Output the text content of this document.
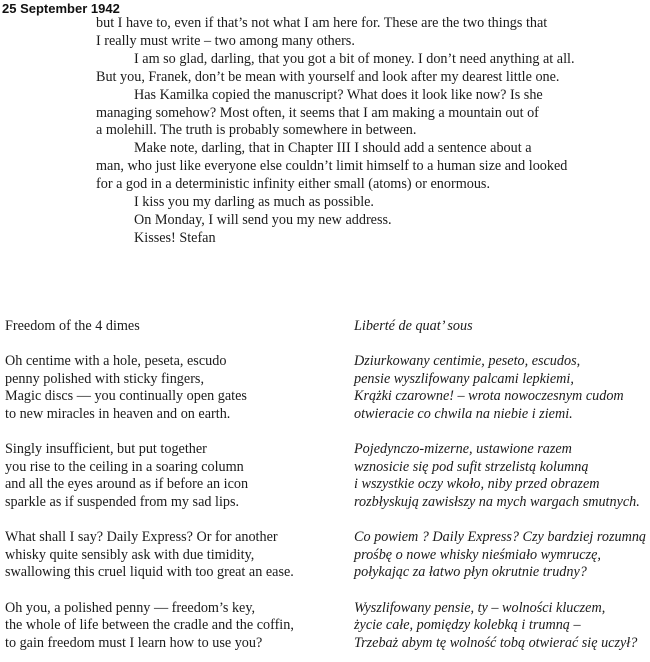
25 September 1942

but I have to, even if that’s not what I am here for. These are the two things that

I really must write – two among many others.

I am so glad, darling, that you got a bit of money. I don’t need anything at all.

But you, Franek, don’t be mean with yourself and look after my dearest little one.

Has Kamilka copied the manuscript? What does it look like now? Is she

managing somehow? Most often, it seems that I am making a mountain out of

a molehill. The truth is probably somewhere in between.

Make note, darling, that in Chapter III I should add a sentence about a

man, who just like everyone else couldn’t limit himself to a human size and looked

for a god in a deterministic infinity either small (atoms) or enormous.

I kiss you my darling as much as possible.

On Monday, I will send you my new address.

Kisses! Stefan

Freedom of the 4 dimes
Oh centime with a hole, peseta, escudo
penny polished with sticky fingers,
Magic discs — you continually open gates
to new miracles in heaven and on earth.
Singly insufficient, but put together
you rise to the ceiling in a soaring column
and all the eyes around as if before an icon
sparkle as if suspended from my sad lips.
What shall I say? Daily Express? Or for another
whisky quite sensibly ask with due timidity,
swallowing this cruel liquid with too great an ease.
Oh you, a polished penny — freedom’s key,
the whole of life between the cradle and the coffin,
to gain freedom must I learn how to use you?
Liberté de quat’ sous
Dziurkowany centimie, peseto, escudos,
pensie wyszlifowany palcami lepkiemi,
Krążki czarowne! – wrota nowoczesnym cudom
otwieracie co chwila na niebie i ziemi.
Pojedynczo-mizerne, ustawione razem
wznosicie się pod sufit strzelistą kolumną
i wszystkie oczy wkoło, niby przed obrazem
rozbłyskują zawisłszy na mych wargach smutnych.
Co powiem ? Daily Express? Czy bardziej rozumną
prośbę o nowe whisky nieśmiało wymruczę,
połykając za łatwo płyn okrutnie trudny?
Wyszlifowany pensie, ty – wolności kluczem,
życie całe, pomiędzy kolebką i trumną –
Trzebaż abym tę wolność tobą otwierać się uczył?
